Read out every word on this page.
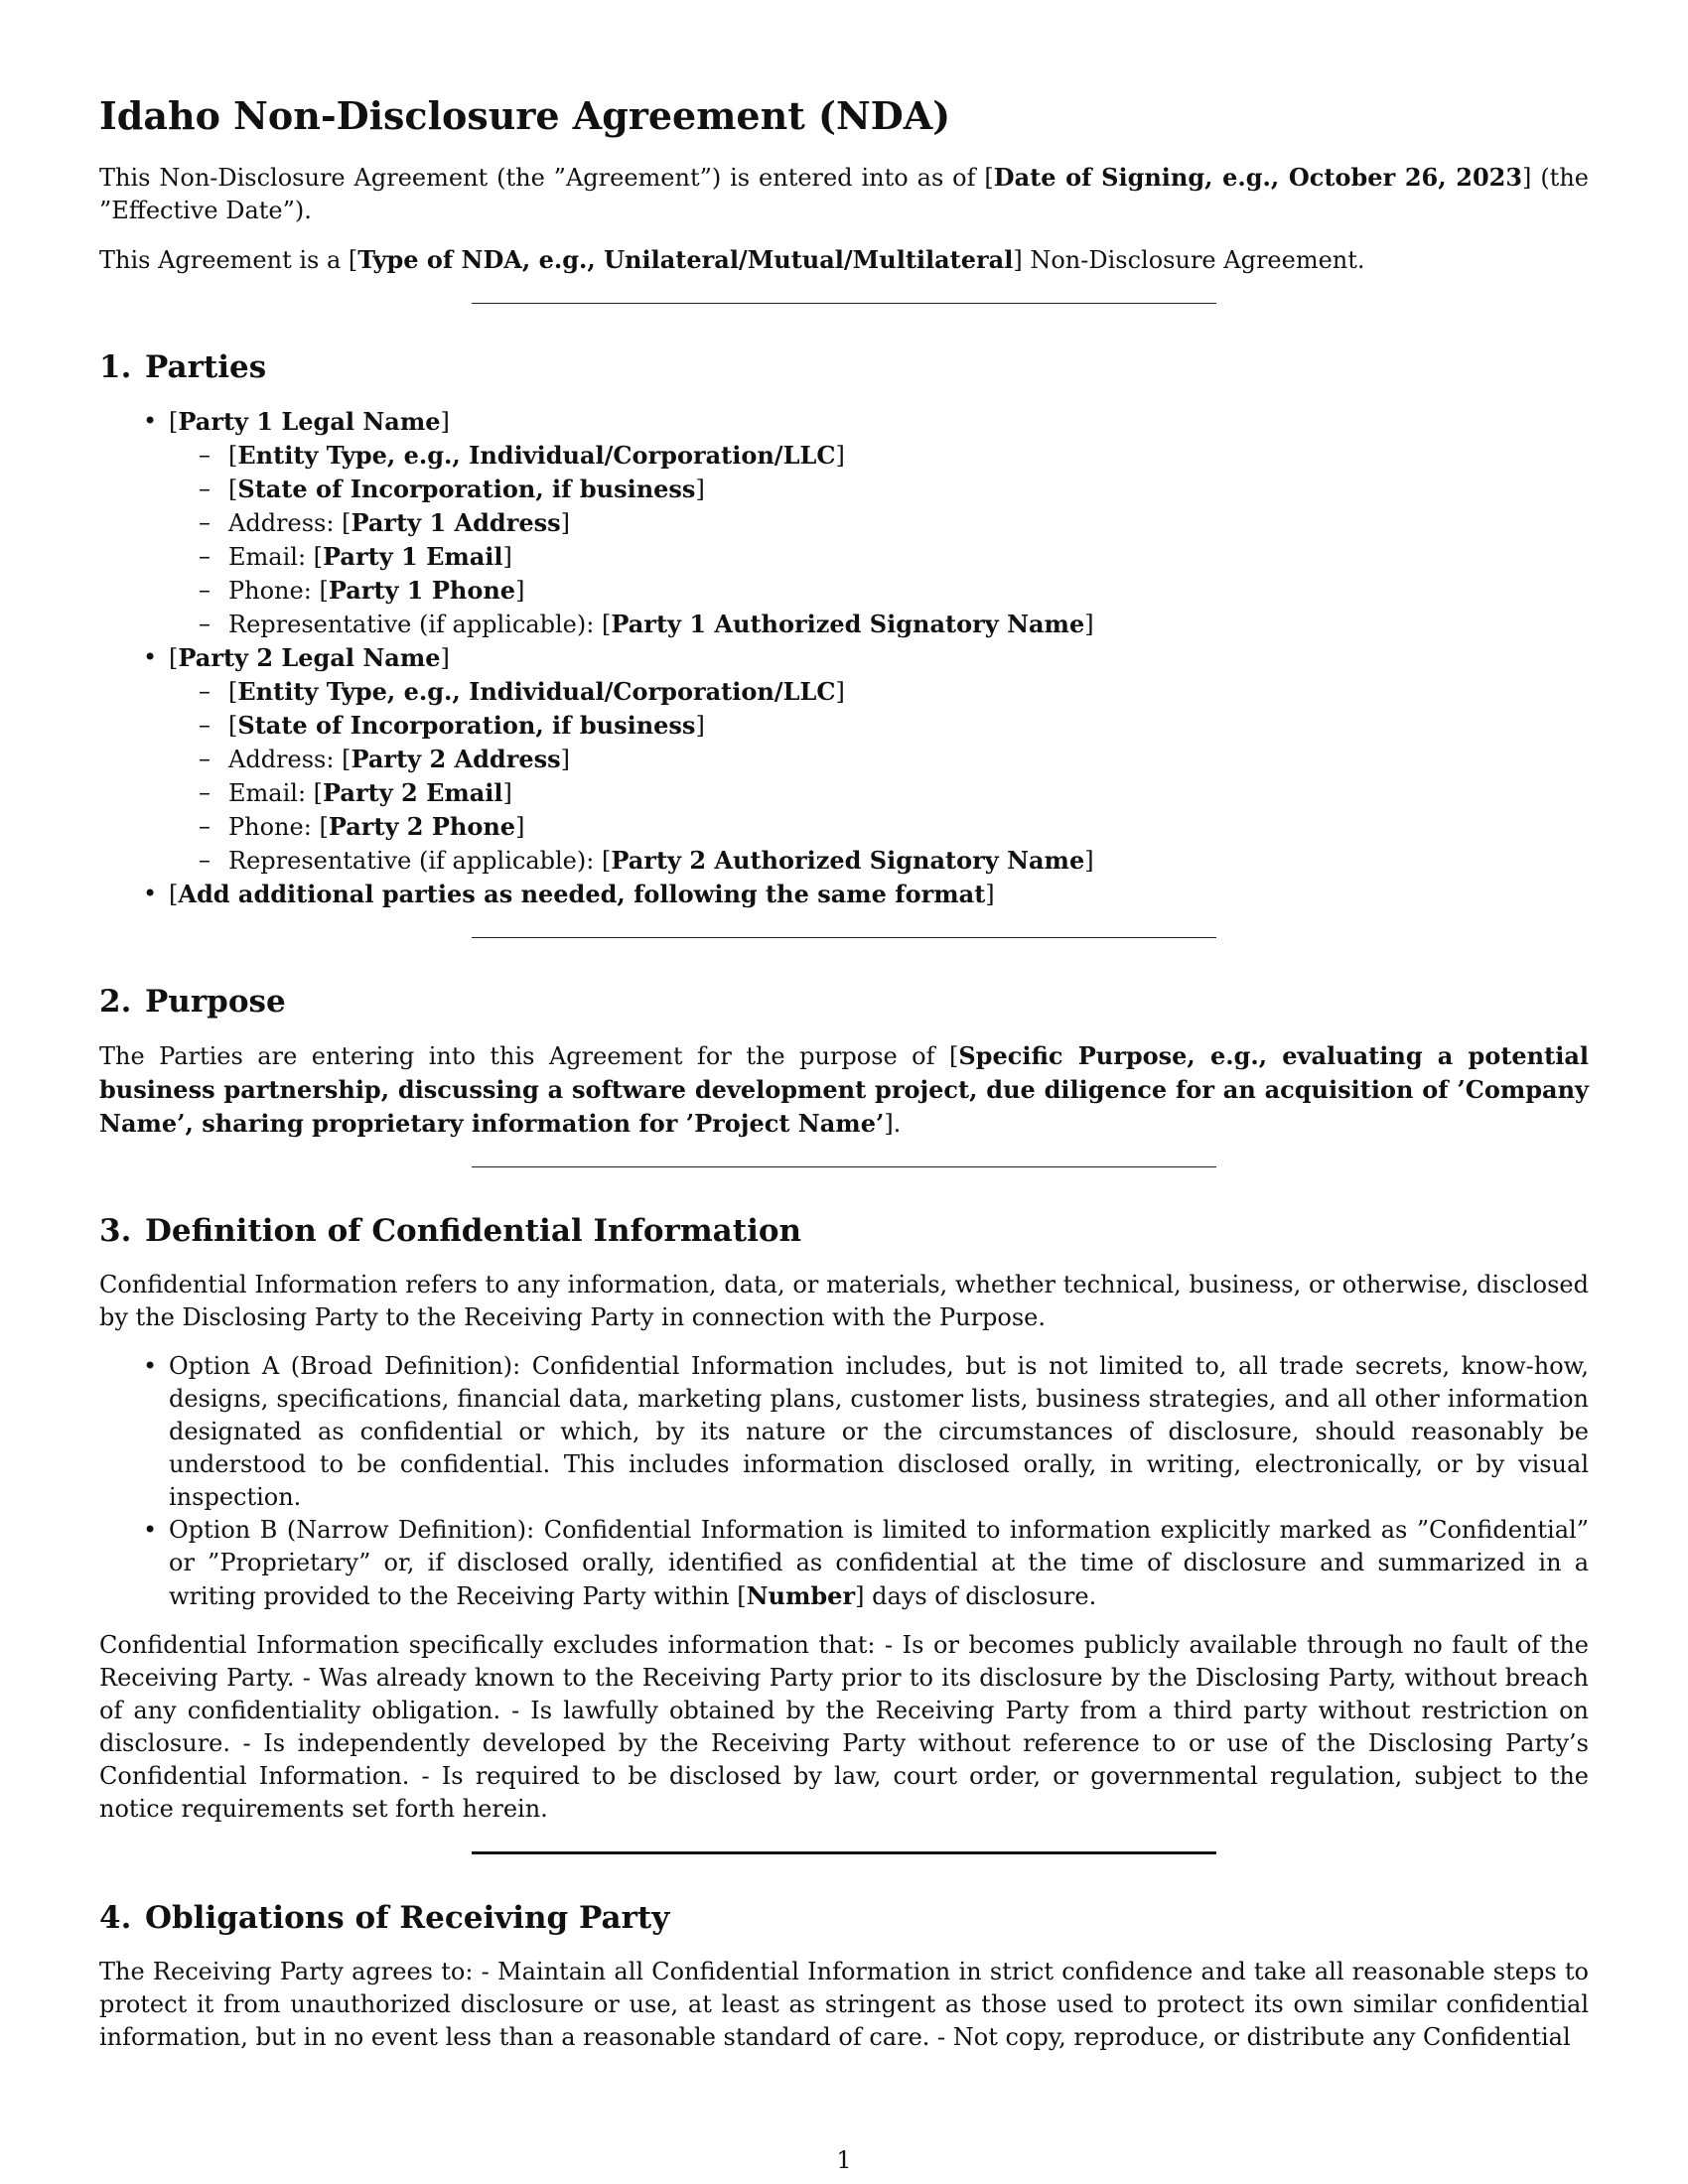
Idaho Non-Disclosure Agreement (NDA)

This Non-Disclosure Agreement (the ”Agreement”) is entered into as of [Date of Signing, e.g., October 26, 2023] (the ”Effective Date”).

This Agreement is a [Type of NDA, e.g., Unilateral/Mutual/Multilateral] Non-Disclosure Agreement.

1. Parties
• [Party 1 Legal Name]
– [Entity Type, e.g., Individual/Corporation/LLC]
– [State of Incorporation, if business]
– Address: [Party 1 Address]
– Email: [Party 1 Email]
– Phone: [Party 1 Phone]
– Representative (if applicable): [Party 1 Authorized Signatory Name]
• [Party 2 Legal Name]
– [Entity Type, e.g., Individual/Corporation/LLC]
– [State of Incorporation, if business]
– Address: [Party 2 Address]
– Email: [Party 2 Email]
– Phone: [Party 2 Phone]
– Representative (if applicable): [Party 2 Authorized Signatory Name]
• [Add additional parties as needed, following the same format]
2. Purpose

The Parties are entering into this Agreement for the purpose of [Specific Purpose, e.g., evaluating a potential business partnership, discussing a software development project, due diligence for an acquisition of ’Company Name’, sharing proprietary information for ’Project Name’].

3. Definition of Confidential Information

Confidential Information refers to any information, data, or materials, whether technical, business, or otherwise, disclosed by the Disclosing Party to the Receiving Party in connection with the Purpose.

• Option A (Broad Definition): Confidential Information includes, but is not limited to, all trade secrets, know-how, designs, specifications, financial data, marketing plans, customer lists, business strategies, and all other information designated as confidential or which, by its nature or the circumstances of disclosure, should reasonably be understood to be confidential. This includes information disclosed orally, in writing, electronically, or by visual inspection.
• Option B (Narrow Definition): Confidential Information is limited to information explicitly marked as ”Confidential” or ”Proprietary” or, if disclosed orally, identified as confidential at the time of disclosure and summarized in a writing provided to the Receiving Party within [Number] days of disclosure.

Confidential Information specifically excludes information that: - Is or becomes publicly available through no fault of the Receiving Party. - Was already known to the Receiving Party prior to its disclosure by the Disclosing Party, without breach of any confidentiality obligation. - Is lawfully obtained by the Receiving Party from a third party without restriction on disclosure. - Is independently developed by the Receiving Party without reference to or use of the Disclosing Party’s Confidential Information. - Is required to be disclosed by law, court order, or governmental regulation, subject to the notice requirements set forth herein.

4. Obligations of Receiving Party

The Receiving Party agrees to: - Maintain all Confidential Information in strict confidence and take all reasonable steps to protect it from unauthorized disclosure or use, at least as stringent as those used to protect its own similar confidential information, but in no event less than a reasonable standard of care. - Not copy, reproduce, or distribute any Confidential

1
